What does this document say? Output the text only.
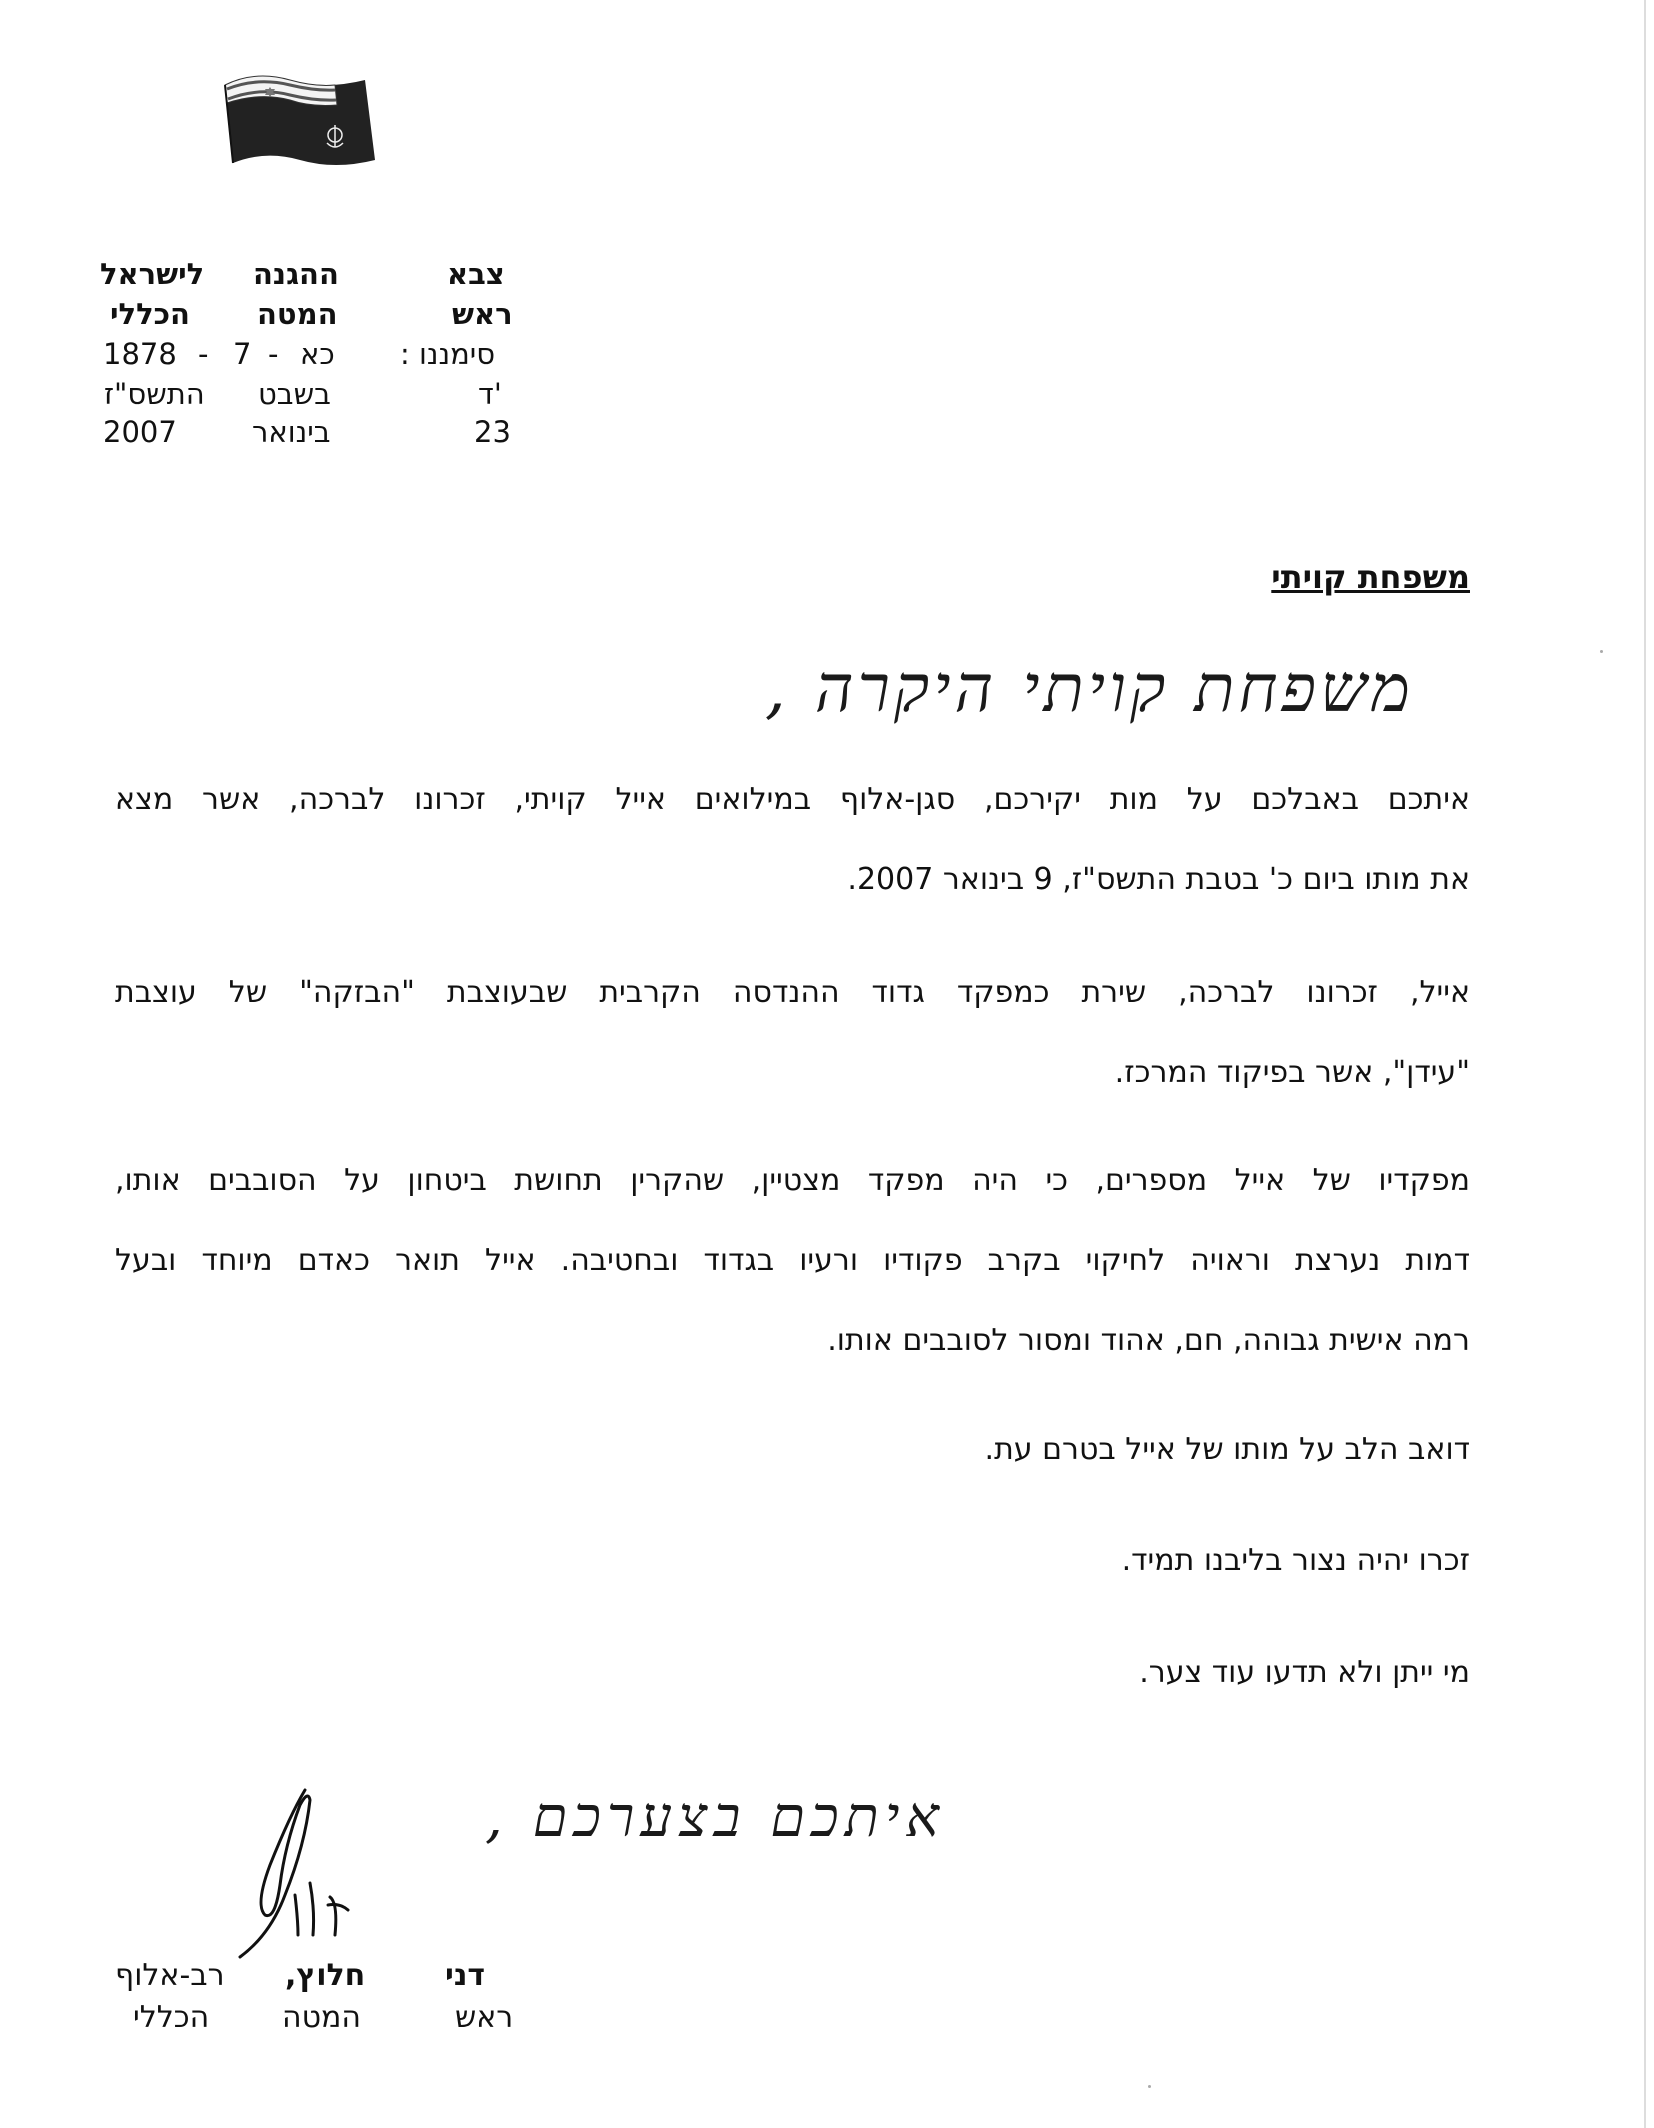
צבא
ההגנה
לישראל
ראש
המטה
הכללי
סימננו :
כא
-
7
-
1878
ד'
בשבט
התשס"ז
23
בינואר
2007
משפחת קויתי
משפחת קויתי היקרה ,
איתכם באבלכם על מות יקירכם, סגן-אלוף במילואים אייל קויתי, זכרונו לברכה, אשר מצא
את מותו ביום כ' בטבת התשס"ז, 9 בינואר 2007.
אייל, זכרונו לברכה, שירת כמפקד גדוד ההנדסה הקרבית שבעוצבת "הבזקה" של עוצבת
"עידן", אשר בפיקוד המרכז.
מפקדיו של אייל מספרים, כי היה מפקד מצטיין, שהקרין תחושת ביטחון על הסובבים אותו,
דמות נערצת וראויה לחיקוי בקרב פקודיו ורעיו בגדוד ובחטיבה. אייל תואר כאדם מיוחד ובעל
רמה אישית גבוהה, חם, אהוד ומסור לסובבים אותו.
דואב הלב על מותו של אייל בטרם עת.
זכרו יהיה נצור בליבנו תמיד.
מי ייתן ולא תדעו עוד צער.
איתכם בצערכם ,
דני
חלוץ,
רב-אלוף
ראש
המטה
הכללי
